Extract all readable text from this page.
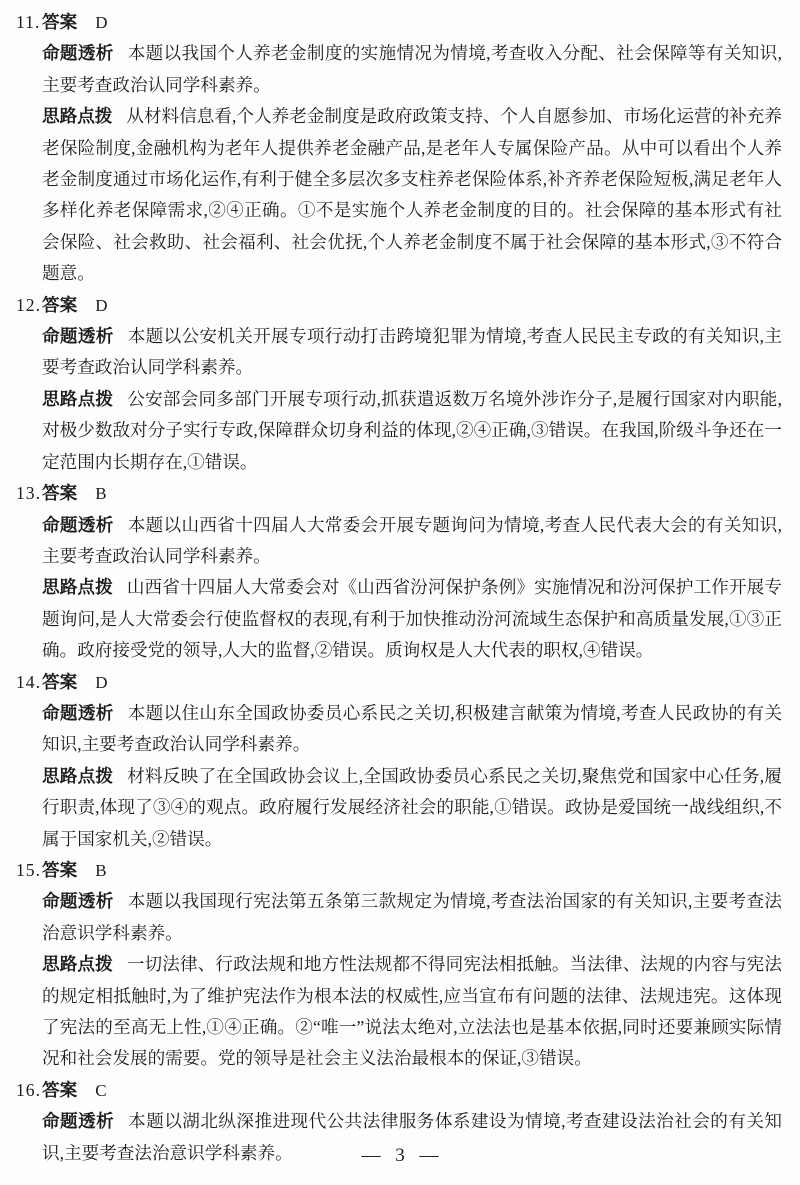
11. 答案 D
命题透析 本题以我国个人养老金制度的实施情况为情境,考查收入分配、社会保障等有关知识,主要考查政治认同学科素养。
思路点拨 从材料信息看,个人养老金制度是政府政策支持、个人自愿参加、市场化运营的补充养老保险制度,金融机构为老年人提供养老金融产品,是老年人专属保险产品。从中可以看出个人养老金制度通过市场化运作,有利于健全多层次多支柱养老保险体系,补齐养老保险短板,满足老年人多样化养老保障需求,②④正确。①不是实施个人养老金制度的目的。社会保障的基本形式有社会保险、社会救助、社会福利、社会优抚,个人养老金制度不属于社会保障的基本形式,③不符合题意。
12. 答案 D
命题透析 本题以公安机关开展专项行动打击跨境犯罪为情境,考查人民民主专政的有关知识,主要考查政治认同学科素养。
思路点拨 公安部会同多部门开展专项行动,抓获遣返数万名境外涉诈分子,是履行国家对内职能,对极少数敌对分子实行专政,保障群众切身利益的体现,②④正确,③错误。在我国,阶级斗争还在一定范围内长期存在,①错误。
13. 答案 B
命题透析 本题以山西省十四届人大常委会开展专题询问为情境,考查人民代表大会的有关知识,主要考查政治认同学科素养。
思路点拨 山西省十四届人大常委会对《山西省汾河保护条例》实施情况和汾河保护工作开展专题询问,是人大常委会行使监督权的表现,有利于加快推动汾河流域生态保护和高质量发展,①③正确。政府接受党的领导,人大的监督,②错误。质询权是人大代表的职权,④错误。
14. 答案 D
命题透析 本题以住山东全国政协委员心系民之关切,积极建言献策为情境,考查人民政协的有关知识,主要考查政治认同学科素养。
思路点拨 材料反映了在全国政协会议上,全国政协委员心系民之关切,聚焦党和国家中心任务,履行职责,体现了③④的观点。政府履行发展经济社会的职能,①错误。政协是爱国统一战线组织,不属于国家机关,②错误。
15. 答案 B
命题透析 本题以我国现行宪法第五条第三款规定为情境,考查法治国家的有关知识,主要考查法治意识学科素养。
思路点拨 一切法律、行政法规和地方性法规都不得同宪法相抵触。当法律、法规的内容与宪法的规定相抵触时,为了维护宪法作为根本法的权威性,应当宣布有问题的法律、法规违宪。这体现了宪法的至高无上性,①④正确。②“唯一”说法太绝对,立法法也是基本依据,同时还要兼顾实际情况和社会发展的需要。党的领导是社会主义法治最根本的保证,③错误。
16. 答案 C
命题透析 本题以湖北纵深推进现代公共法律服务体系建设为情境,考查建设法治社会的有关知识,主要考查法治意识学科素养。	— 3 —
